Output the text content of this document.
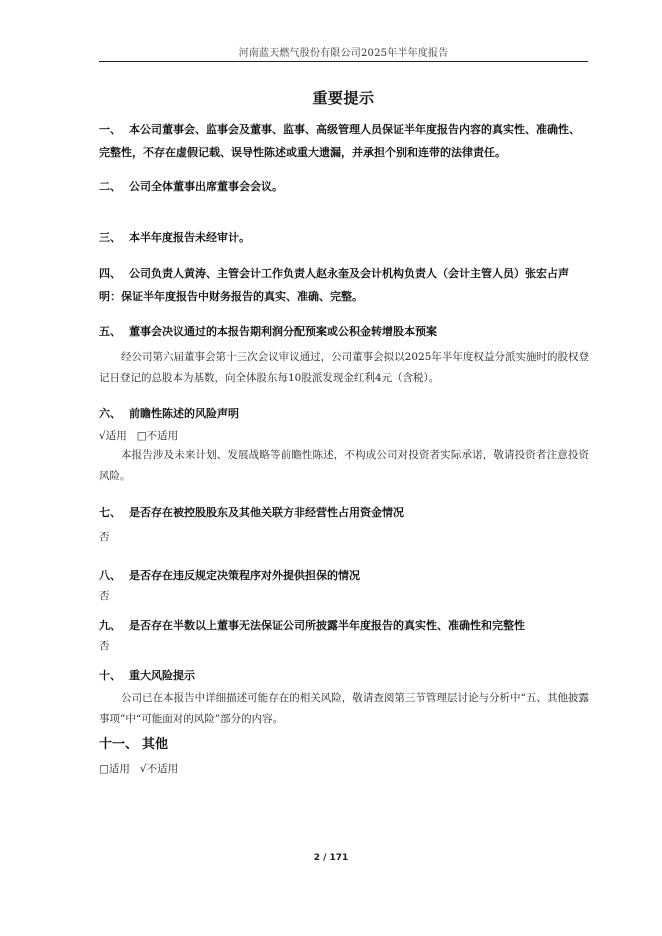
河南蓝天燃气股份有限公司2025年半年度报告
重要提示
一、 本公司董事会、监事会及董事、监事、高级管理人员保证半年度报告内容的真实性、准确性、完整性，不存在虚假记载、误导性陈述或重大遗漏，并承担个别和连带的法律责任。
二、 公司全体董事出席董事会会议。
三、 本半年度报告未经审计。
四、 公司负责人黄涛、主管会计工作负责人赵永奎及会计机构负责人（会计主管人员）张宏占声明：保证半年度报告中财务报告的真实、准确、完整。
五、 董事会决议通过的本报告期利润分配预案或公积金转增股本预案
经公司第六届董事会第十三次会议审议通过，公司董事会拟以2025年半年度权益分派实施时的股权登记日登记的总股本为基数，向全体股东每10股派发现金红利4元（含税）。
六、 前瞻性陈述的风险声明
√适用 □不适用
本报告涉及未来计划、发展战略等前瞻性陈述，不构成公司对投资者实际承诺，敬请投资者注意投资风险。
七、 是否存在被控股股东及其他关联方非经营性占用资金情况
否
八、 是否存在违反规定决策程序对外提供担保的情况
否
九、 是否存在半数以上董事无法保证公司所披露半年度报告的真实性、准确性和完整性
否
十、 重大风险提示
公司已在本报告中详细描述可能存在的相关风险，敬请查阅第三节管理层讨论与分析中“五、其他披露事项”中“可能面对的风险”部分的内容。
十一、 其他
□适用 √不适用
2 / 171
